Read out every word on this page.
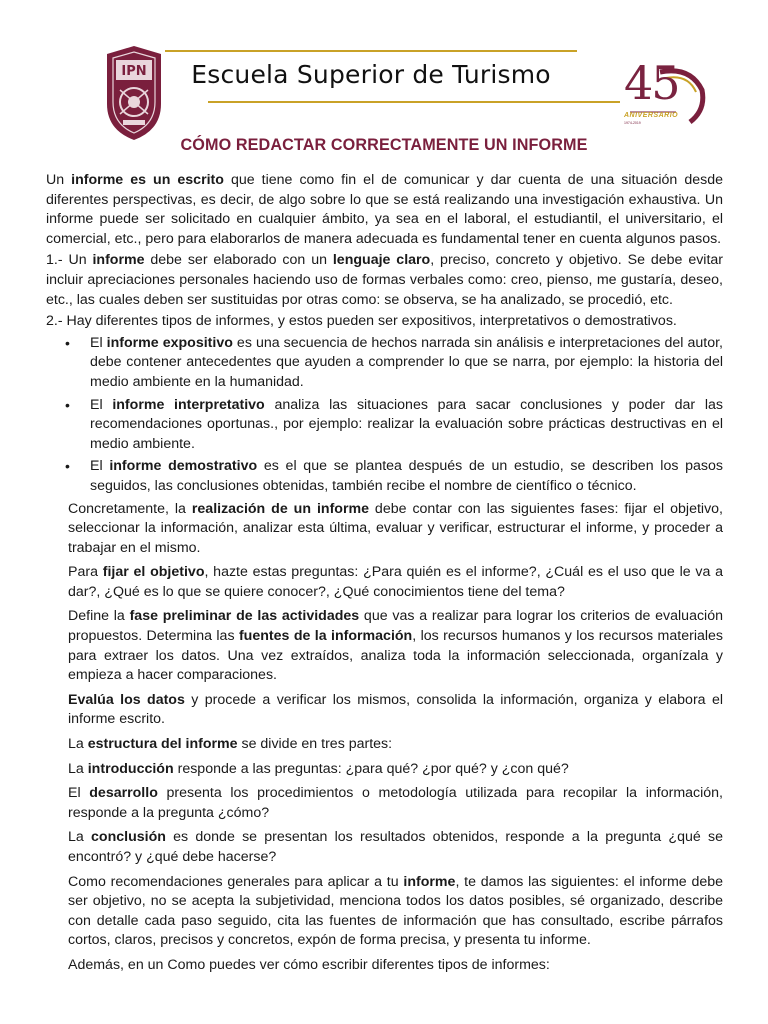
IPN	Escuela Superior de Turismo	45
ANIVERSARIO
1974-2019
CÓMO REDACTAR CORRECTAMENTE UN INFORME

Un informe es un escrito que tiene como fin el de comunicar y dar cuenta de una situación desde diferentes perspectivas, es decir, de algo sobre lo que se está realizando una investigación exhaustiva. Un informe puede ser solicitado en cualquier ámbito, ya sea en el laboral, el estudiantil, el universitario, el comercial, etc., pero para elaborarlos de manera adecuada es fundamental tener en cuenta algunos pasos.

1.- Un informe debe ser elaborado con un lenguaje claro, preciso, concreto y objetivo. Se debe evitar incluir apreciaciones personales haciendo uso de formas verbales como: creo, pienso, me gustaría, deseo, etc., las cuales deben ser sustituidas por otras como: se observa, se ha analizado, se procedió, etc.

2.- Hay diferentes tipos de informes, y estos pueden ser expositivos, interpretativos o demostrativos.

• El informe expositivo es una secuencia de hechos narrada sin análisis e interpretaciones del autor, debe contener antecedentes que ayuden a comprender lo que se narra, por ejemplo: la historia del medio ambiente en la humanidad.
• El informe interpretativo analiza las situaciones para sacar conclusiones y poder dar las recomendaciones oportunas., por ejemplo: realizar la evaluación sobre prácticas destructivas en el medio ambiente.
• El informe demostrativo es el que se plantea después de un estudio, se describen los pasos seguidos, las conclusiones obtenidas, también recibe el nombre de científico o técnico.

Concretamente, la realización de un informe debe contar con las siguientes fases: fijar el objetivo, seleccionar la información, analizar esta última, evaluar y verificar, estructurar el informe, y proceder a trabajar en el mismo.

Para fijar el objetivo, hazte estas preguntas: ¿Para quién es el informe?, ¿Cuál es el uso que le va a dar?, ¿Qué es lo que se quiere conocer?, ¿Qué conocimientos tiene del tema?

Define la fase preliminar de las actividades que vas a realizar para lograr los criterios de evaluación propuestos. Determina las fuentes de la información, los recursos humanos y los recursos materiales para extraer los datos. Una vez extraídos, analiza toda la información seleccionada, organízala y empieza a hacer comparaciones.

Evalúa los datos y procede a verificar los mismos, consolida la información, organiza y elabora el informe escrito.

La estructura del informe se divide en tres partes:

La introducción responde a las preguntas: ¿para qué? ¿por qué? y ¿con qué?

El desarrollo presenta los procedimientos o metodología utilizada para recopilar la información, responde a la pregunta ¿cómo?

La conclusión es donde se presentan los resultados obtenidos, responde a la pregunta ¿qué se encontró? y ¿qué debe hacerse?

Como recomendaciones generales para aplicar a tu informe, te damos las siguientes: el informe debe ser objetivo, no se acepta la subjetividad, menciona todos los datos posibles, sé organizado, describe con detalle cada paso seguido, cita las fuentes de información que has consultado, escribe párrafos cortos, claros, precisos y concretos, expón de forma precisa, y presenta tu informe.

Además, en un Como puedes ver cómo escribir diferentes tipos de informes:
